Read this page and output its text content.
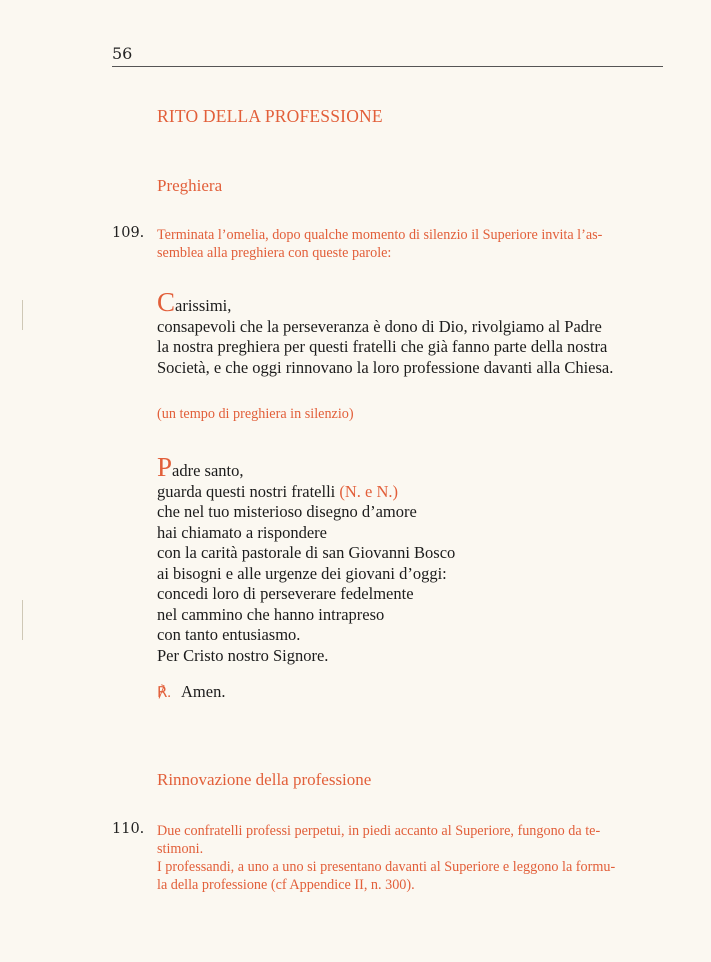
56
RITO DELLA PROFESSIONE
Preghiera
109. Terminata l’omelia, dopo qualche momento di silenzio il Superiore invita l’as-
semblea alla preghiera con queste parole:
Carissimi,
consapevoli che la perseveranza è dono di Dio, rivolgiamo al Padre
la nostra preghiera per questi fratelli che già fanno parte della nostra
Società, e che oggi rinnovano la loro professione davanti alla Chiesa.
(un tempo di preghiera in silenzio)
Padre santo,
guarda questi nostri fratelli (N. e N.)
che nel tuo misterioso disegno d’amore
hai chiamato a rispondere
con la carità pastorale di san Giovanni Bosco
ai bisogni e alle urgenze dei giovani d’oggi:
concedi loro di perseverare fedelmente
nel cammino che hanno intrapreso
con tanto entusiasmo.
Per Cristo nostro Signore.
℟. Amen.
Rinnovazione della professione
110. Due confratelli professi perpetui, in piedi accanto al Superiore, fungono da te-
stimoni.
I professandi, a uno a uno si presentano davanti al Superiore e leggono la formu-
la della professione (cf Appendice II, n. 300).
